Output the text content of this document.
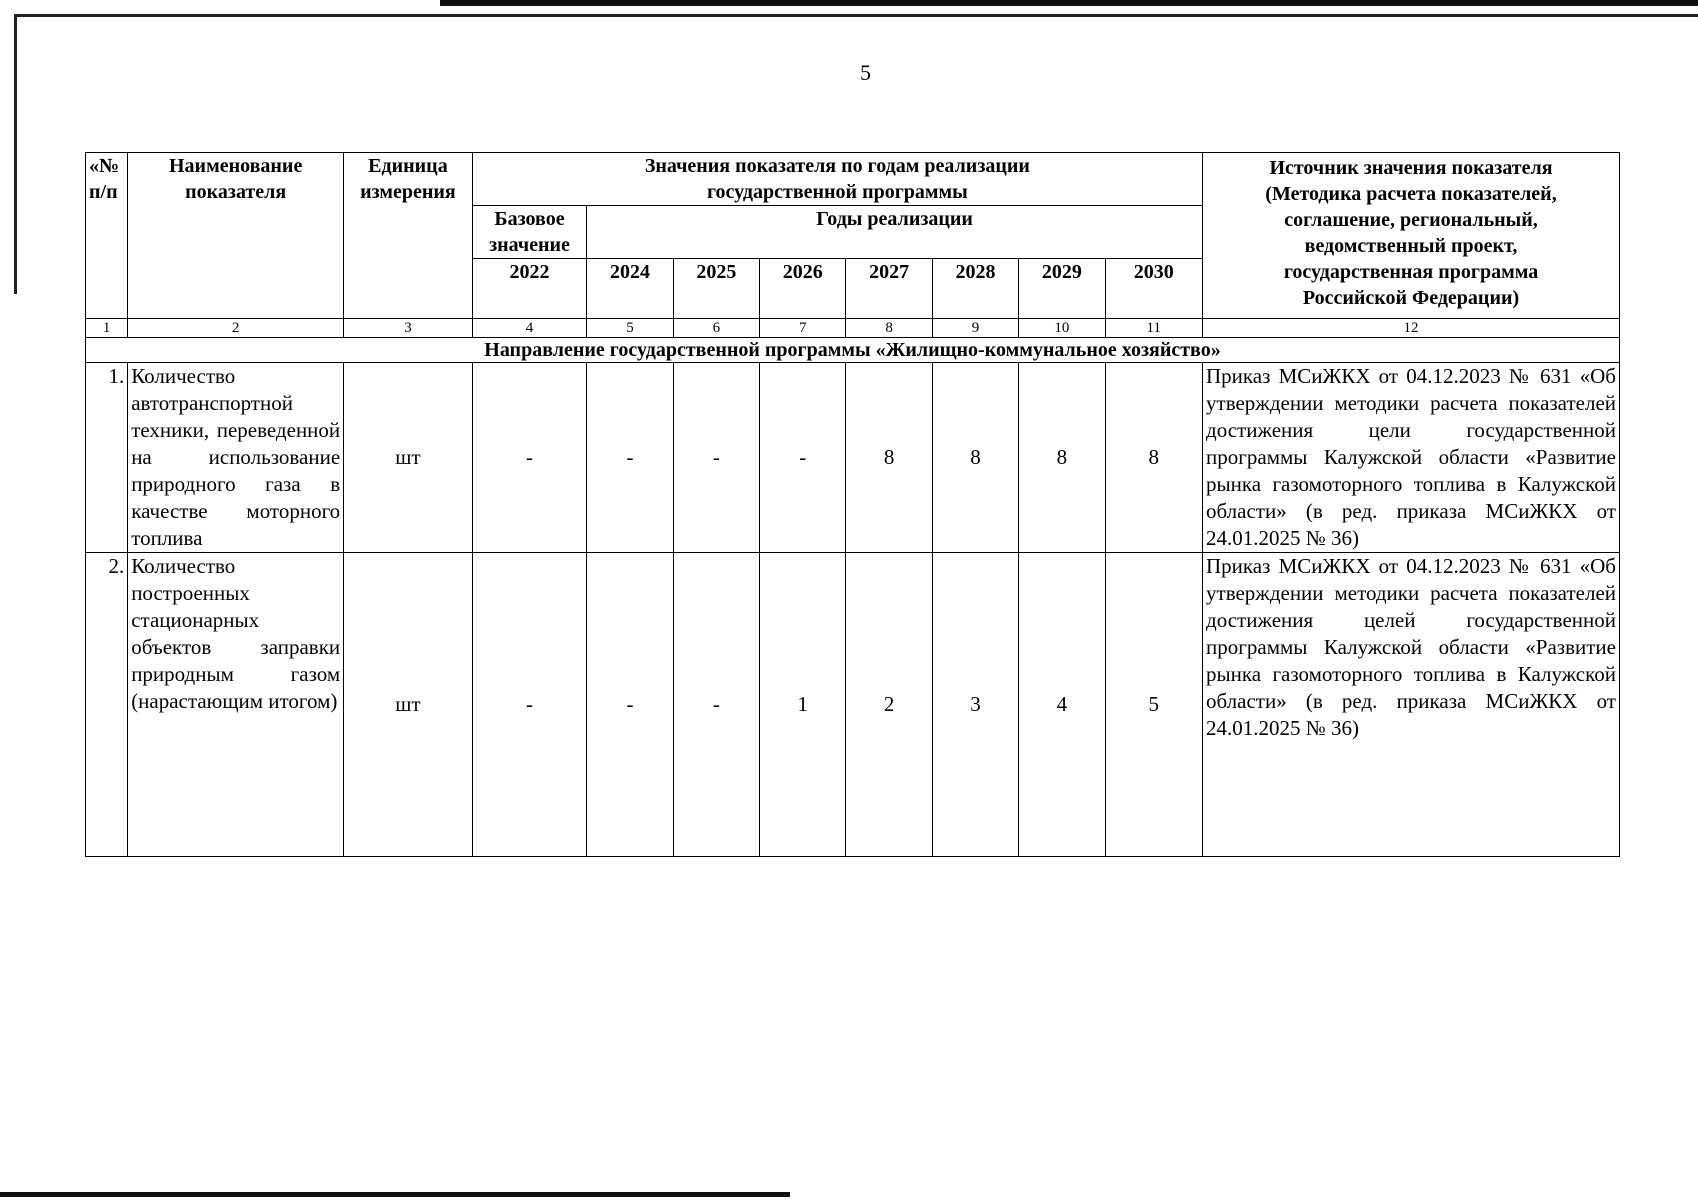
5
«№ п/п	Наименование показателя	Единица измерения	Значения показателя по годам реализации государственной программы								Источник значения показателя (Методика расчета показателей, соглашение, региональный, ведомственный проект, государственная программа Российской Федерации)
			Базовое значение	Годы реализации							
			2022	2024	2025	2026	2027	2028	2029	2030	
1	2	3	4	5	6	7	8	9	10	11	12
Направление государственной программы «Жилищно-коммунальное хозяйство»											
1.	Количество автотранспортной техники, переведенной на использование природного газа в качестве моторного топлива	шт	-	-	-	-	8	8	8	8	Приказ МСиЖКХ от 04.12.2023 № 631 «Об утверждении методики расчета показателей достижения цели государственной программы Калужской области «Развитие рынка газомоторного топлива в Калужской области» (в ред. приказа МСиЖКХ от 24.01.2025 № 36)
2.	Количество построенных стационарных объектов заправки природным газом (нарастающим итогом)	шт	-	-	-	1	2	3	4	5	Приказ МСиЖКХ от 04.12.2023 № 631 «Об утверждении методики расчета показателей достижения целей государственной программы Калужской области «Развитие рынка газомоторного топлива в Калужской области» (в ред. приказа МСиЖКХ от 24.01.2025 № 36)
